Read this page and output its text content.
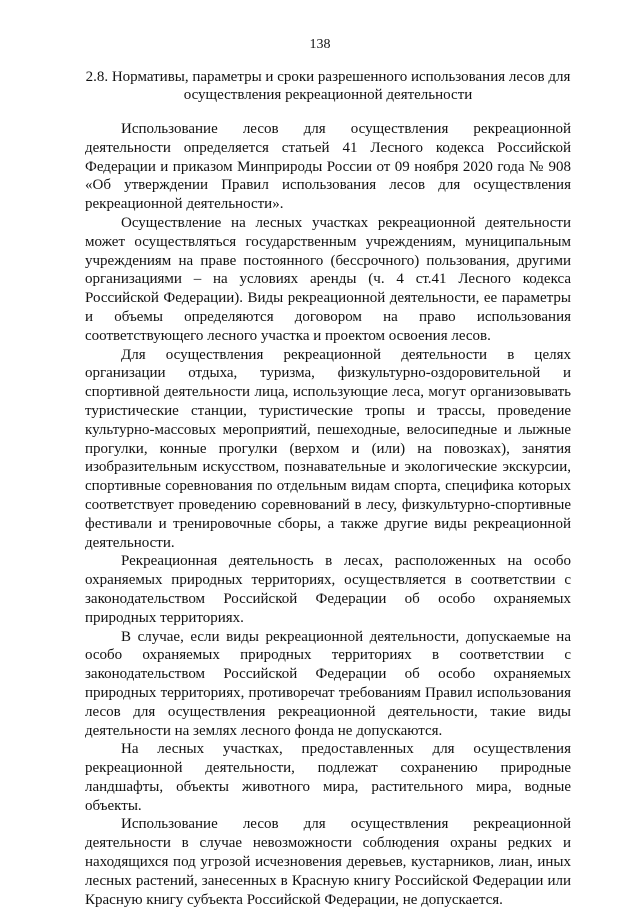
138
2.8. Нормативы, параметры и сроки разрешенного использования лесов для осуществления рекреационной деятельности

Использование лесов для осуществления рекреационной деятельности определяется статьей 41 Лесного кодекса Российской Федерации и приказом Минприроды России от 09 ноября 2020 года № 908 «Об утверждении Правил использования лесов для осуществления рекреационной деятельности».

Осуществление на лесных участках рекреационной деятельности может осуществляться государственным учреждениям, муниципальным учреждениям на праве постоянного (бессрочного) пользования, другими организациями – на условиях аренды (ч. 4 ст.41 Лесного кодекса Российской Федерации). Виды рекреационной деятельности, ее параметры и объемы определяются договором на право использования соответствующего лесного участка и проектом освоения лесов.

Для осуществления рекреационной деятельности в целях организации отдыха, туризма, физкультурно-оздоровительной и спортивной деятельности лица, использующие леса, могут организовывать туристические станции, туристические тропы и трассы, проведение культурно-массовых мероприятий, пешеходные, велосипедные и лыжные прогулки, конные прогулки (верхом и (или) на повозках), занятия изобразительным искусством, познавательные и экологические экскурсии, спортивные соревнования по отдельным видам спорта, специфика которых соответствует проведению соревнований в лесу, физкультурно-спортивные фестивали и тренировочные сборы, а также другие виды рекреационной деятельности.

Рекреационная деятельность в лесах, расположенных на особо охраняемых природных территориях, осуществляется в соответствии с законодательством Российской Федерации об особо охраняемых природных территориях.

В случае, если виды рекреационной деятельности, допускаемые на особо охраняемых природных территориях в соответствии с законодательством Российской Федерации об особо охраняемых природных территориях, противоречат требованиям Правил использования лесов для осуществления рекреационной деятельности, такие виды деятельности на землях лесного фонда не допускаются.

На лесных участках, предоставленных для осуществления рекреационной деятельности, подлежат сохранению природные ландшафты, объекты животного мира, растительного мира, водные объекты.

Использование лесов для осуществления рекреационной деятельности в случае невозможности соблюдения охраны редких и находящихся под угрозой исчезновения деревьев, кустарников, лиан, иных лесных растений, занесенных в Красную книгу Российской Федерации или Красную книгу субъекта Российской Федерации, не допускается.
